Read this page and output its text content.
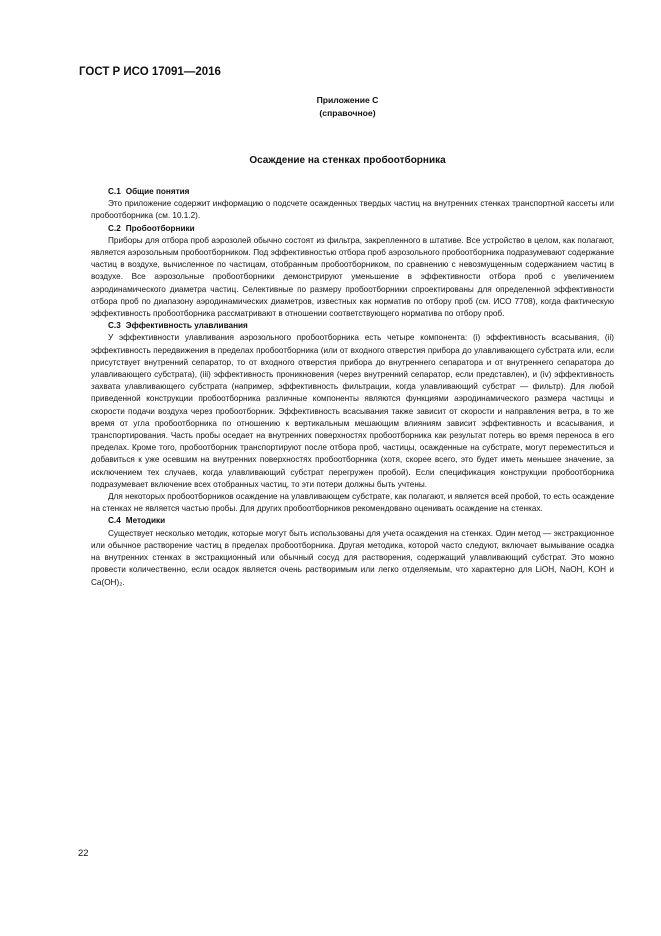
ГОСТ Р ИСО 17091—2016
Приложение С
(справочное)
Осаждение на стенках пробоотборника

С.1 Общие понятия

Это приложение содержит информацию о подсчете осажденных твердых частиц на внутренних стенках транспортной кассеты или пробоотборника (см. 10.1.2).

С.2 Пробоотборники

Приборы для отбора проб аэрозолей обычно состоят из фильтра, закрепленного в штативе. Все устройство в целом, как полагают, является аэрозольным пробоотборником. Под эффективностью отбора проб аэрозольного пробоотборника подразумевают содержание частиц в воздухе, вычисленное по частицам, отобранным пробоотборником, по сравнению с невозмущенным содержанием частиц в воздухе. Все аэрозольные пробоотборники демонстрируют уменьшение в эффективности отбора проб с увеличением аэродинамического диаметра частиц. Селективные по размеру пробоотборники спроектированы для определенной эффективности отбора проб по диапазону аэродинамических диаметров, известных как норматив по отбору проб (см. ИСО 7708), когда фактическую эффективность пробоотборника рассматривают в отношении соответствующего норматива по отбору проб.

С.3 Эффективность улавливания

У эффективности улавливания аэрозольного пробоотборника есть четыре компонента: (i) эффективность всасывания, (ii) эффективность передвижения в пределах пробоотборника (или от входного отверстия прибора до улавливающего субстрата или, если присутствует внутренний сепаратор, то от входного отверстия прибора до внутреннего сепаратора и от внутреннего сепаратора до улавливающего субстрата), (iii) эффективность проникновения (через внутренний сепаратор, если представлен), и (iv) эффективность захвата улавливающего субстрата (например, эффективность фильтрации, когда улавливающий субстрат — фильтр). Для любой приведенной конструкции пробоотборника различные компоненты являются функциями аэродинамического размера частицы и скорости подачи воздуха через пробоотборник. Эффективность всасывания также зависит от скорости и направления ветра, в то же время от угла пробоотборника по отношению к вертикальным мешающим влияниям зависит эффективность и всасывания, и транспортирования. Часть пробы оседает на внутренних поверхностях пробоотборника как результат потерь во время переноса в его пределах. Кроме того, пробоотборник транспортируют после отбора проб, частицы, осажденные на субстрате, могут переместиться и добавиться к уже осевшим на внутренних поверхностях пробоотборника (хотя, скорее всего, это будет иметь меньшее значение, за исключением тех случаев, когда улавливающий субстрат перегружен пробой). Если спецификация конструкции пробоотборника подразумевает включение всех отобранных частиц, то эти потери должны быть учтены.

Для некоторых пробоотборников осаждение на улавливающем субстрате, как полагают, и является всей пробой, то есть осаждение на стенках не является частью пробы. Для других пробоотборников рекомендовано оценивать осаждение на стенках.

С.4 Методики

Существует несколько методик, которые могут быть использованы для учета осаждения на стенках. Один метод — экстракционное или обычное растворение частиц в пределах пробоотборника. Другая методика, которой часто следуют, включает вымывание осадка на внутренних стенках в экстракционный или обычный сосуд для растворения, содержащий улавливающий субстрат. Это можно провести количественно, если осадок является очень растворимым или легко отделяемым, что характерно для LiOH, NaOH, KOH и Ca(OH)₂.

22
